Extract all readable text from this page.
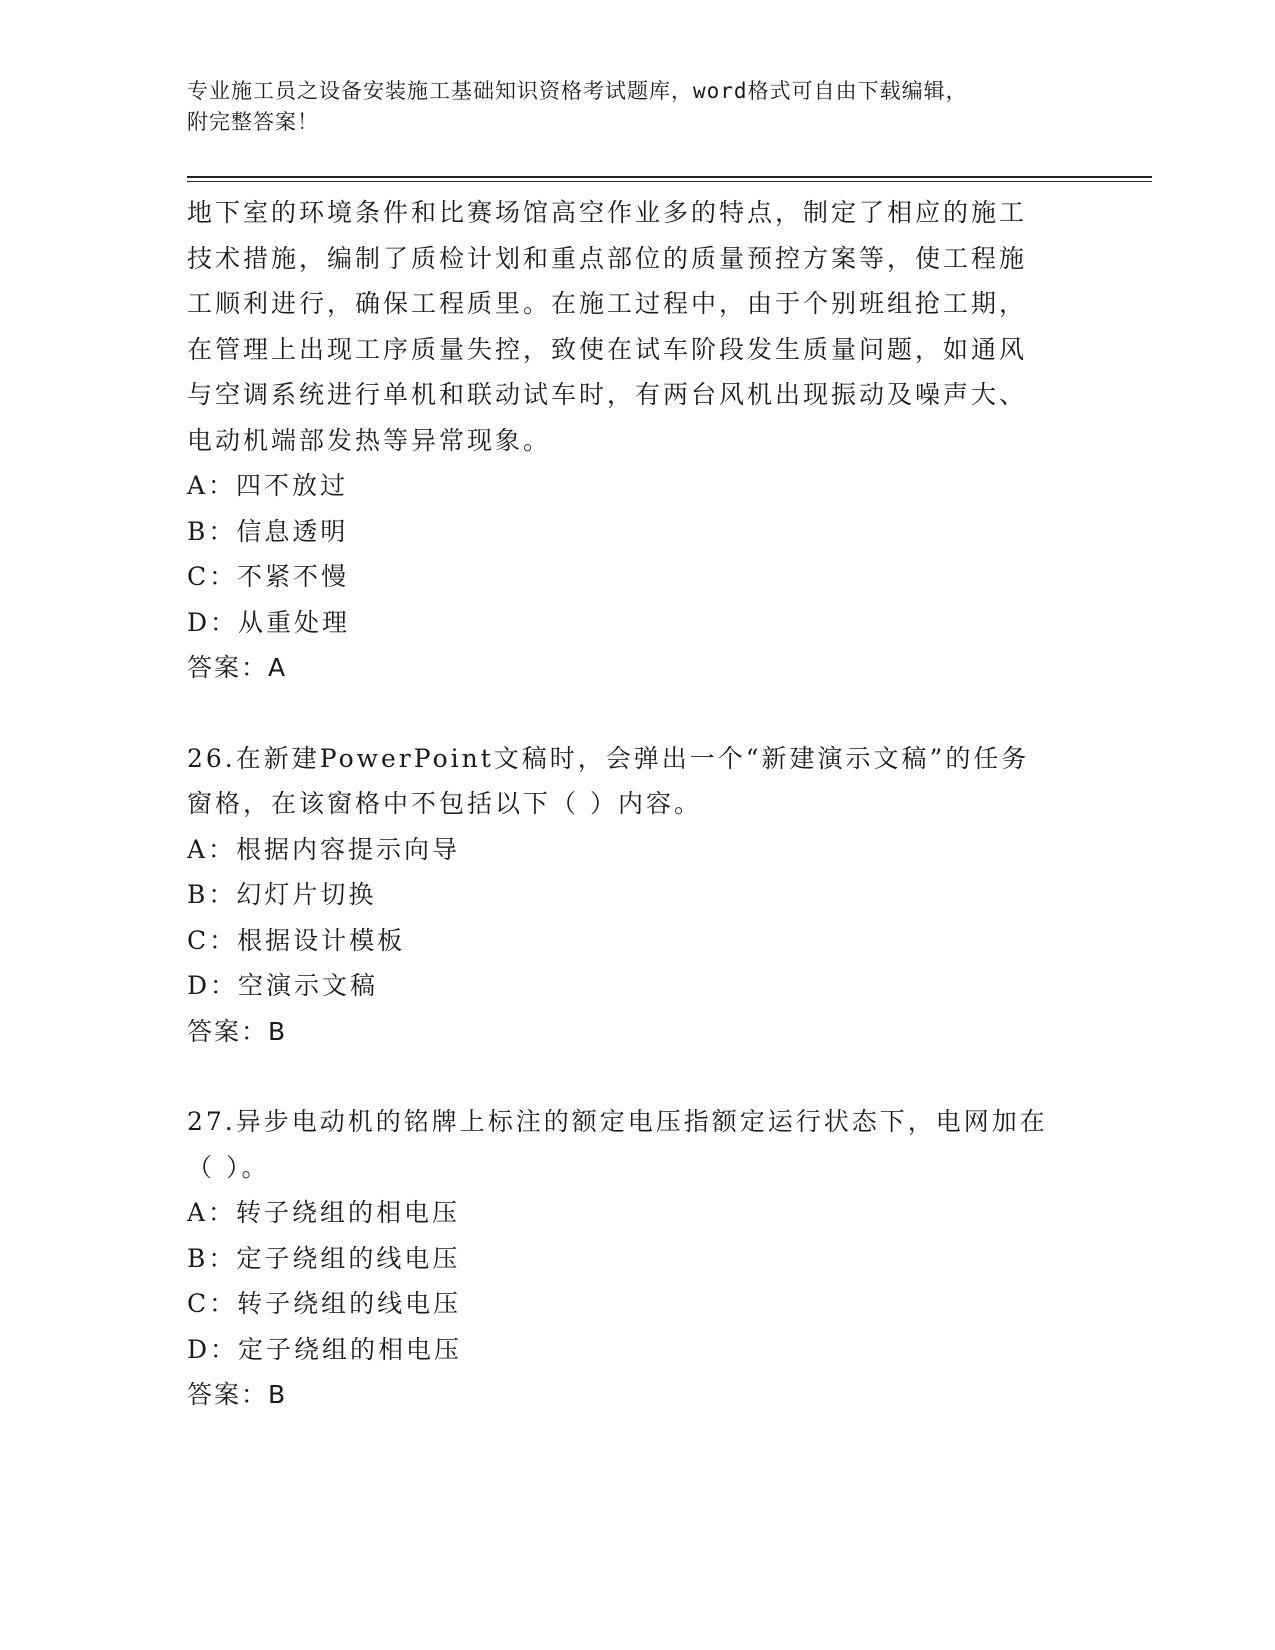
专业施工员之设备安装施工基础知识资格考试题库，word格式可自由下载编辑，
附完整答案！

地下室的环境条件和比赛场馆高空作业多的特点，制定了相应的施工

技术措施，编制了质检计划和重点部位的质量预控方案等，使工程施

工顺利进行，确保工程质里。在施工过程中，由于个别班组抢工期，

在管理上出现工序质量失控，致使在试车阶段发生质量问题，如通风

与空调系统进行单机和联动试车时，有两台风机出现振动及噪声大、

电动机端部发热等异常现象。

A：四不放过

B：信息透明

C：不紧不慢

D：从重处理

答案：A

26.在新建PowerPoint文稿时，会弹出一个“新建演示文稿”的任务

窗格，在该窗格中不包括以下（ ）内容。

A：根据内容提示向导

B：幻灯片切换

C：根据设计模板

D：空演示文稿

答案：B

27.异步电动机的铭牌上标注的额定电压指额定运行状态下，电网加在

（ ）。

A：转子绕组的相电压

B：定子绕组的线电压

C：转子绕组的线电压

D：定子绕组的相电压

答案：B
